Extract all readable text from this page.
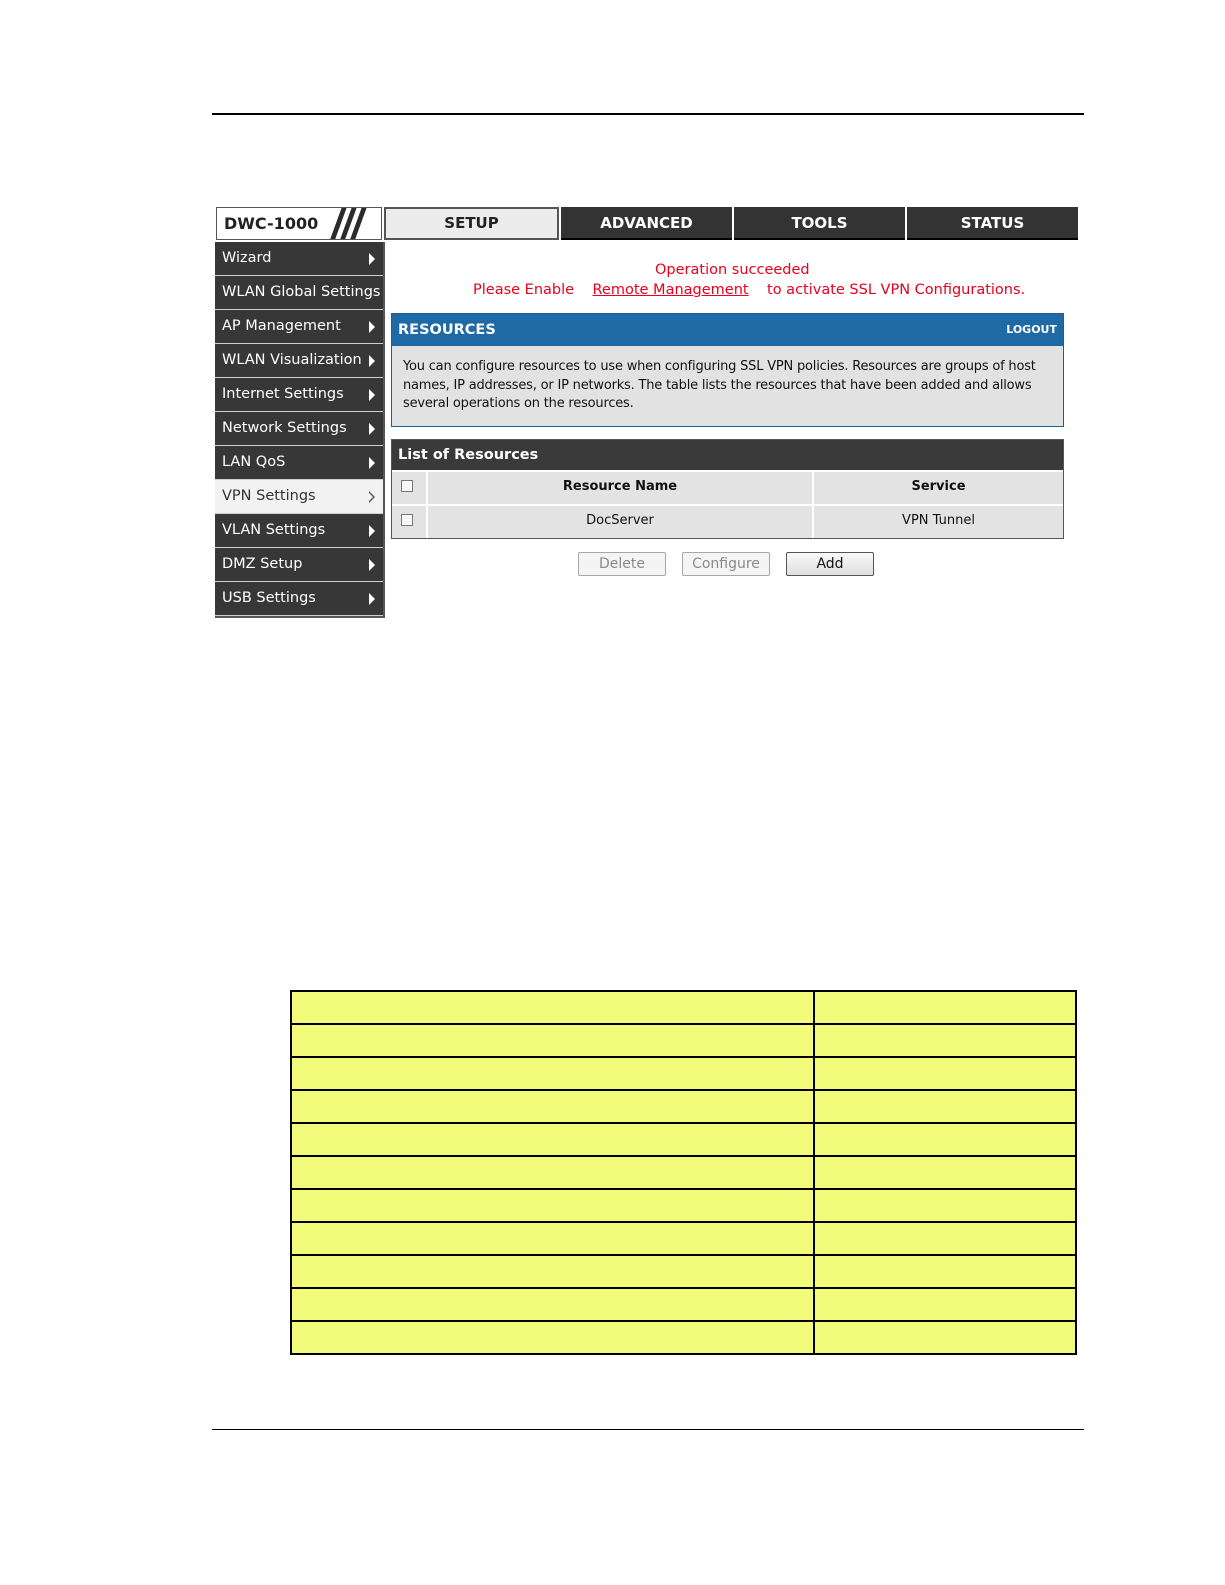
DWC-1000	SETUP	ADVANCED	TOOLS	STATUS
Wizard
WLAN Global Settings
AP Management
WLAN Visualization
Internet Settings
Network Settings
LAN QoS
VPN Settings
VLAN Settings
DMZ Setup
USB Settings
Operation succeeded
Please Enable Remote Management to activate SSL VPN Configurations.
RESOURCES	LOGOUT
You can configure resources to use when configuring SSL VPN policies. Resources are groups of host names, IP addresses, or IP networks. The table lists the resources that have been added and allows several operations on the resources.
List of Resources
Resource Name	Service
DocServer	VPN Tunnel
Delete	Configure	Add
